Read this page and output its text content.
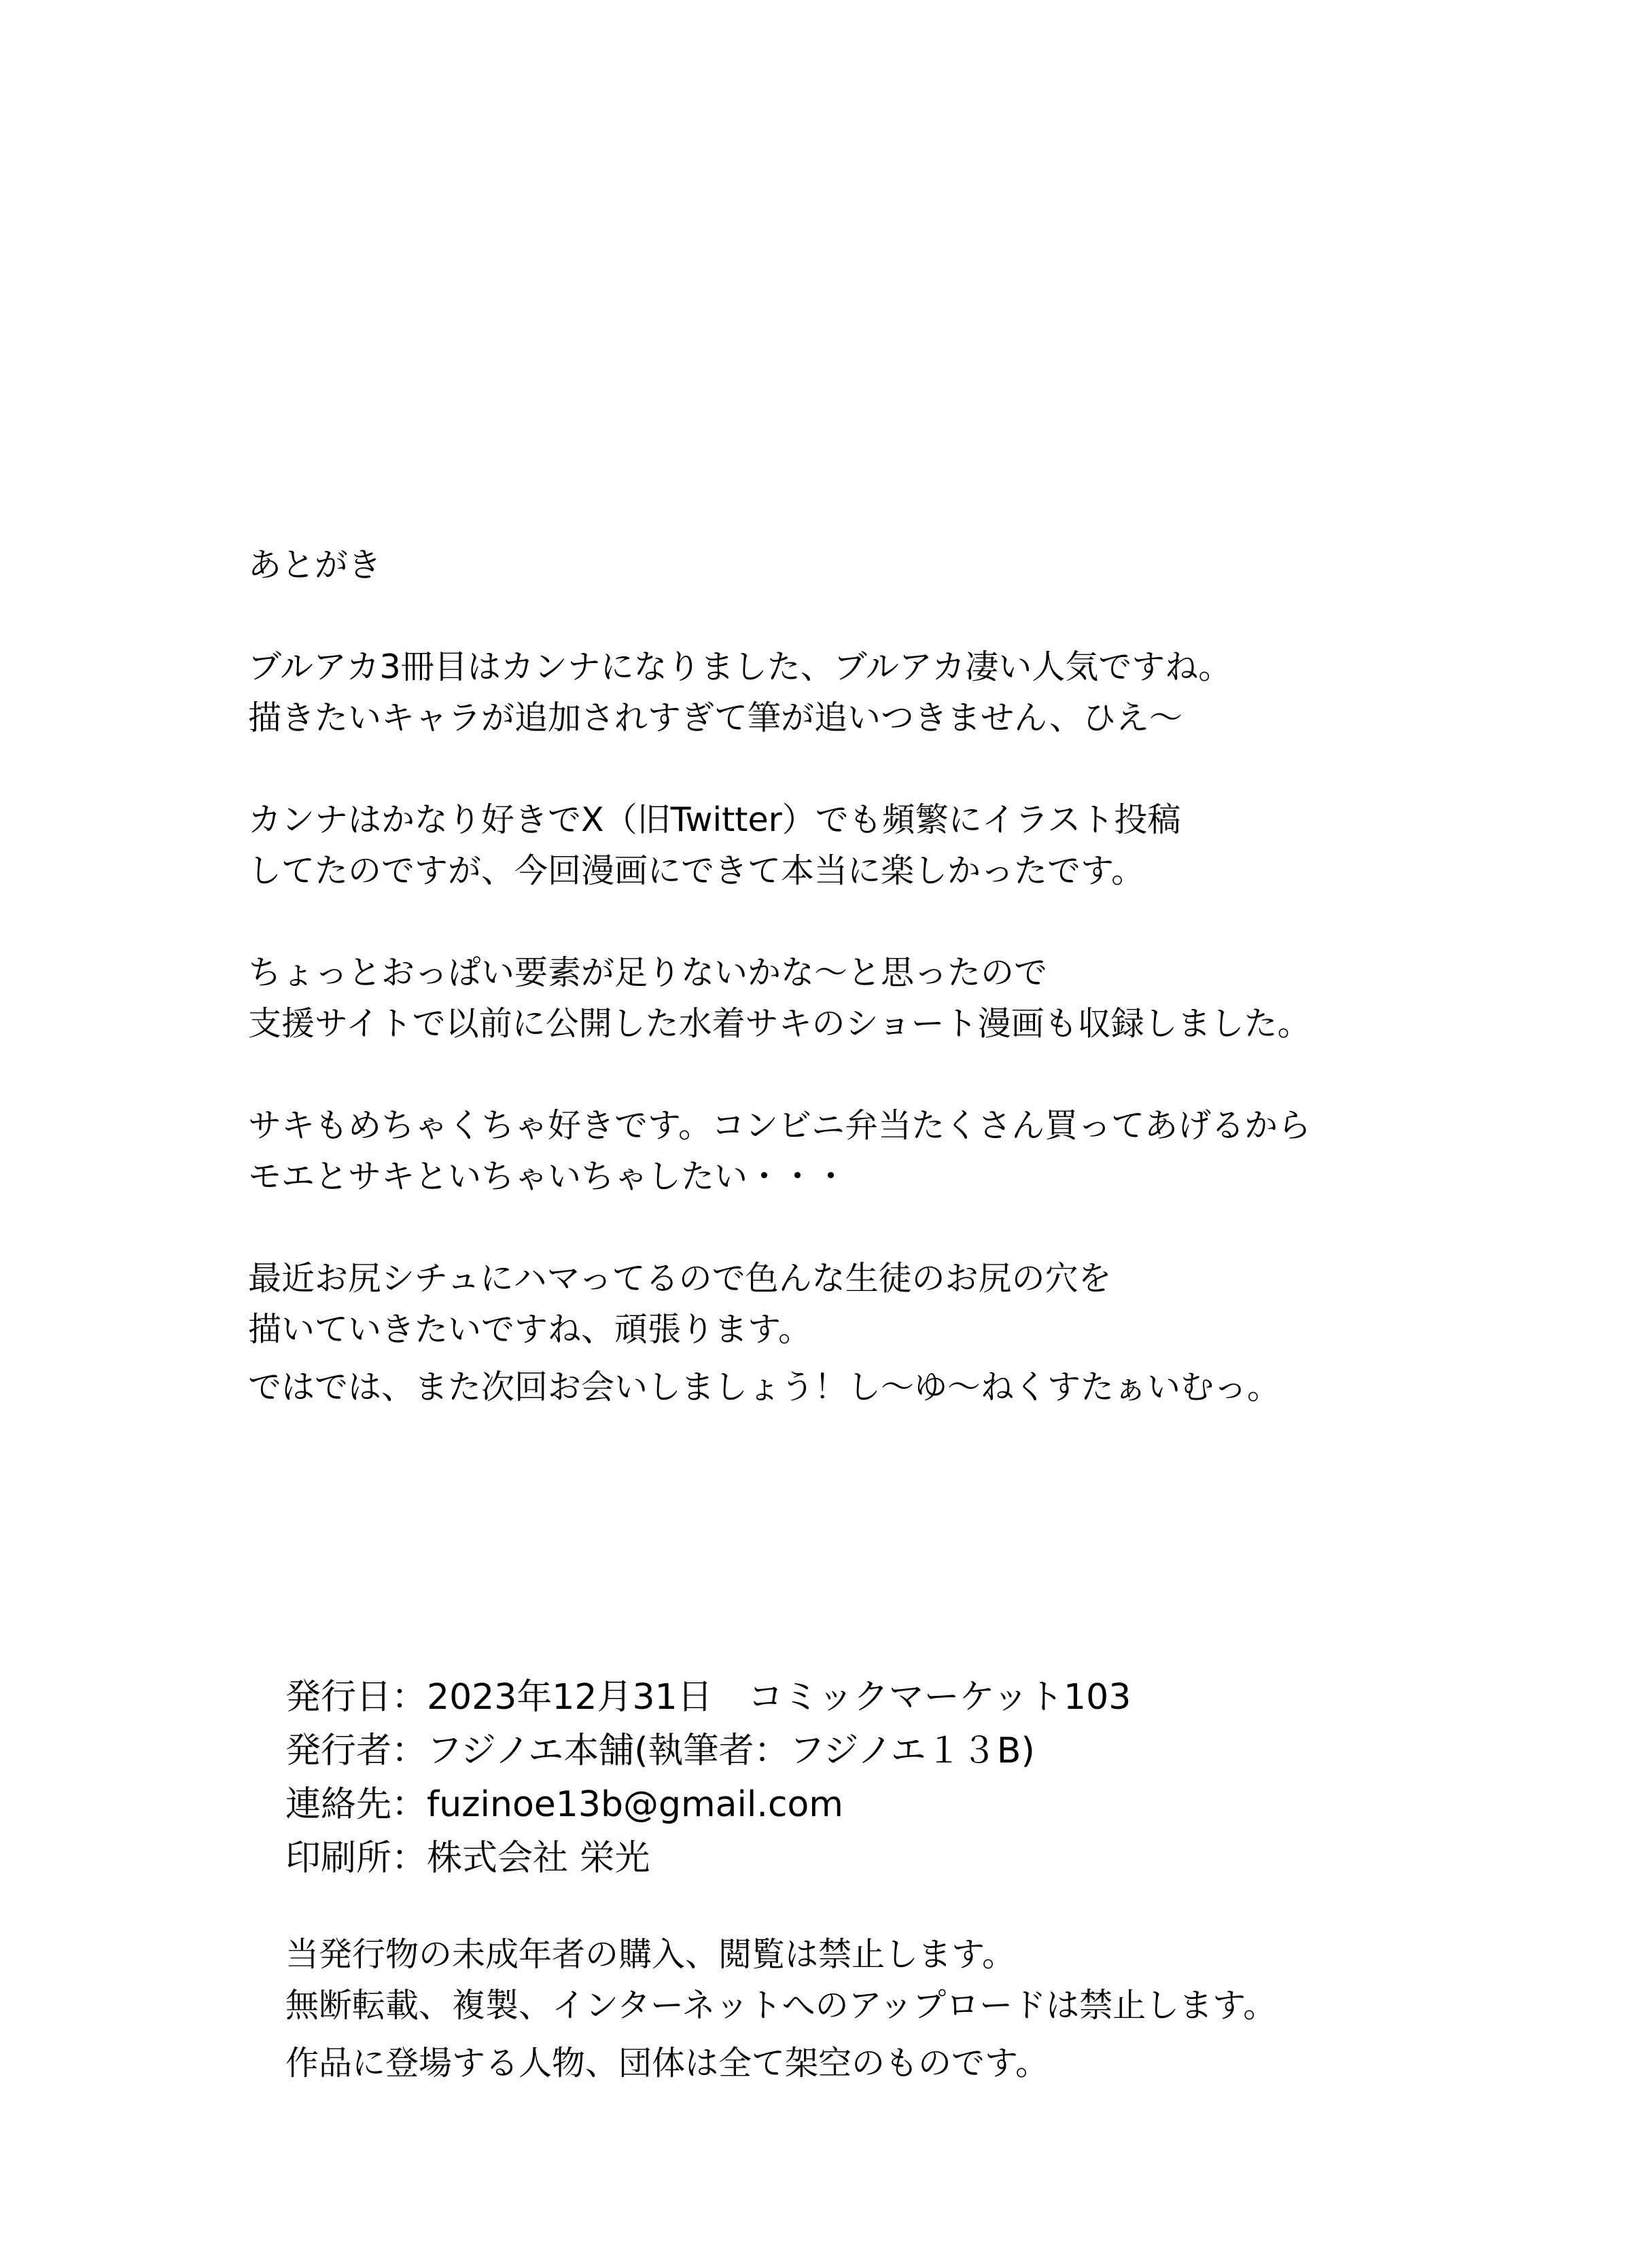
あとがき

ブルアカ3冊目はカンナになりました、ブルアカ凄い人気ですね。

描きたいキャラが追加されすぎて筆が追いつきません、ひえ～

カンナはかなり好きでX（旧Twitter）でも頻繁にイラスト投稿

してたのですが、今回漫画にできて本当に楽しかったです。

ちょっとおっぱい要素が足りないかな～と思ったので

支援サイトで以前に公開した水着サキのショート漫画も収録しました。

サキもめちゃくちゃ好きです。コンビニ弁当たくさん買ってあげるから

モエとサキといちゃいちゃしたい・・・

最近お尻シチュにハマってるので色んな生徒のお尻の穴を

描いていきたいですね、頑張ります。

ではでは、また次回お会いしましょう！し～ゆ～ねくすたぁいむっ。

発行日：2023年12月31日　コミックマーケット103

発行者：フジノエ本舗(執筆者：フジノエ１３B)

連絡先：fuzinoe13b@gmail.com

印刷所：株式会社 栄光

当発行物の未成年者の購入、閲覧は禁止します。

無断転載、複製、インターネットへのアップロードは禁止します。

作品に登場する人物、団体は全て架空のものです。
